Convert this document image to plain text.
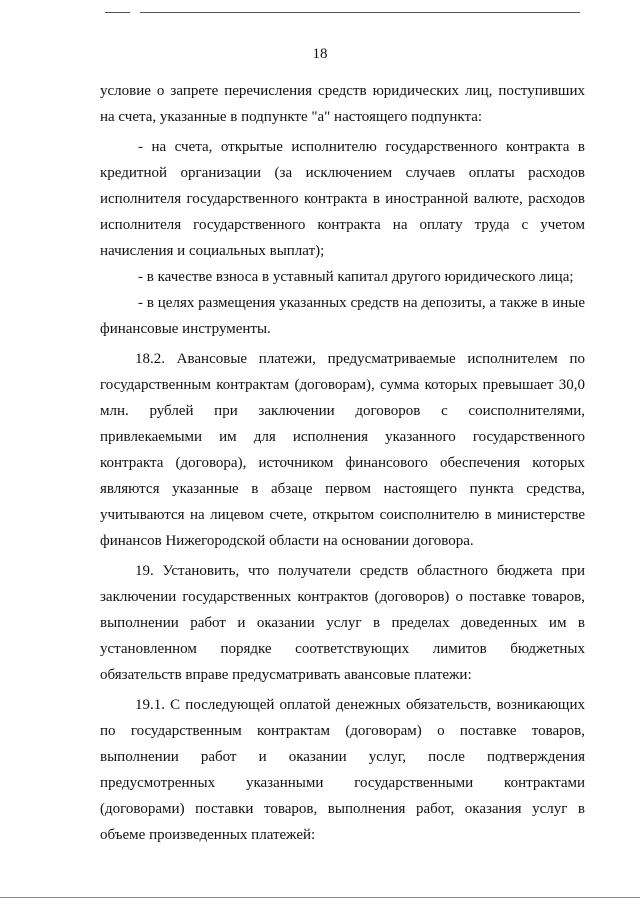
18

условие о запрете перечисления средств юридических лиц, поступивших на счета, указанные в подпункте "а" настоящего подпункта:

- на счета, открытые исполнителю государственного контракта в кредитной организации (за исключением случаев оплаты расходов исполнителя государственного контракта в иностранной валюте, расходов исполнителя государственного контракта на оплату труда с учетом начисления и социальных выплат);

- в качестве взноса в уставный капитал другого юридического лица;

- в целях размещения указанных средств на депозиты, а также в иные финансовые инструменты.

18.2. Авансовые платежи, предусматриваемые исполнителем по государственным контрактам (договорам), сумма которых превышает 30,0 млн. рублей при заключении договоров с соисполнителями, привлекаемыми им для исполнения указанного государственного контракта (договора), источником финансового обеспечения которых являются указанные в абзаце первом настоящего пункта средства, учитываются на лицевом счете, открытом соисполнителю в министерстве финансов Нижегородской области на основании договора.

19. Установить, что получатели средств областного бюджета при заключении государственных контрактов (договоров) о поставке товаров, выполнении работ и оказании услуг в пределах доведенных им в установленном порядке соответствующих лимитов бюджетных обязательств вправе предусматривать авансовые платежи:

19.1. С последующей оплатой денежных обязательств, возникающих по государственным контрактам (договорам) о поставке товаров, выполнении работ и оказании услуг, после подтверждения предусмотренных указанными государственными контрактами (договорами) поставки товаров, выполнения работ, оказания услуг в объеме произведенных платежей:
